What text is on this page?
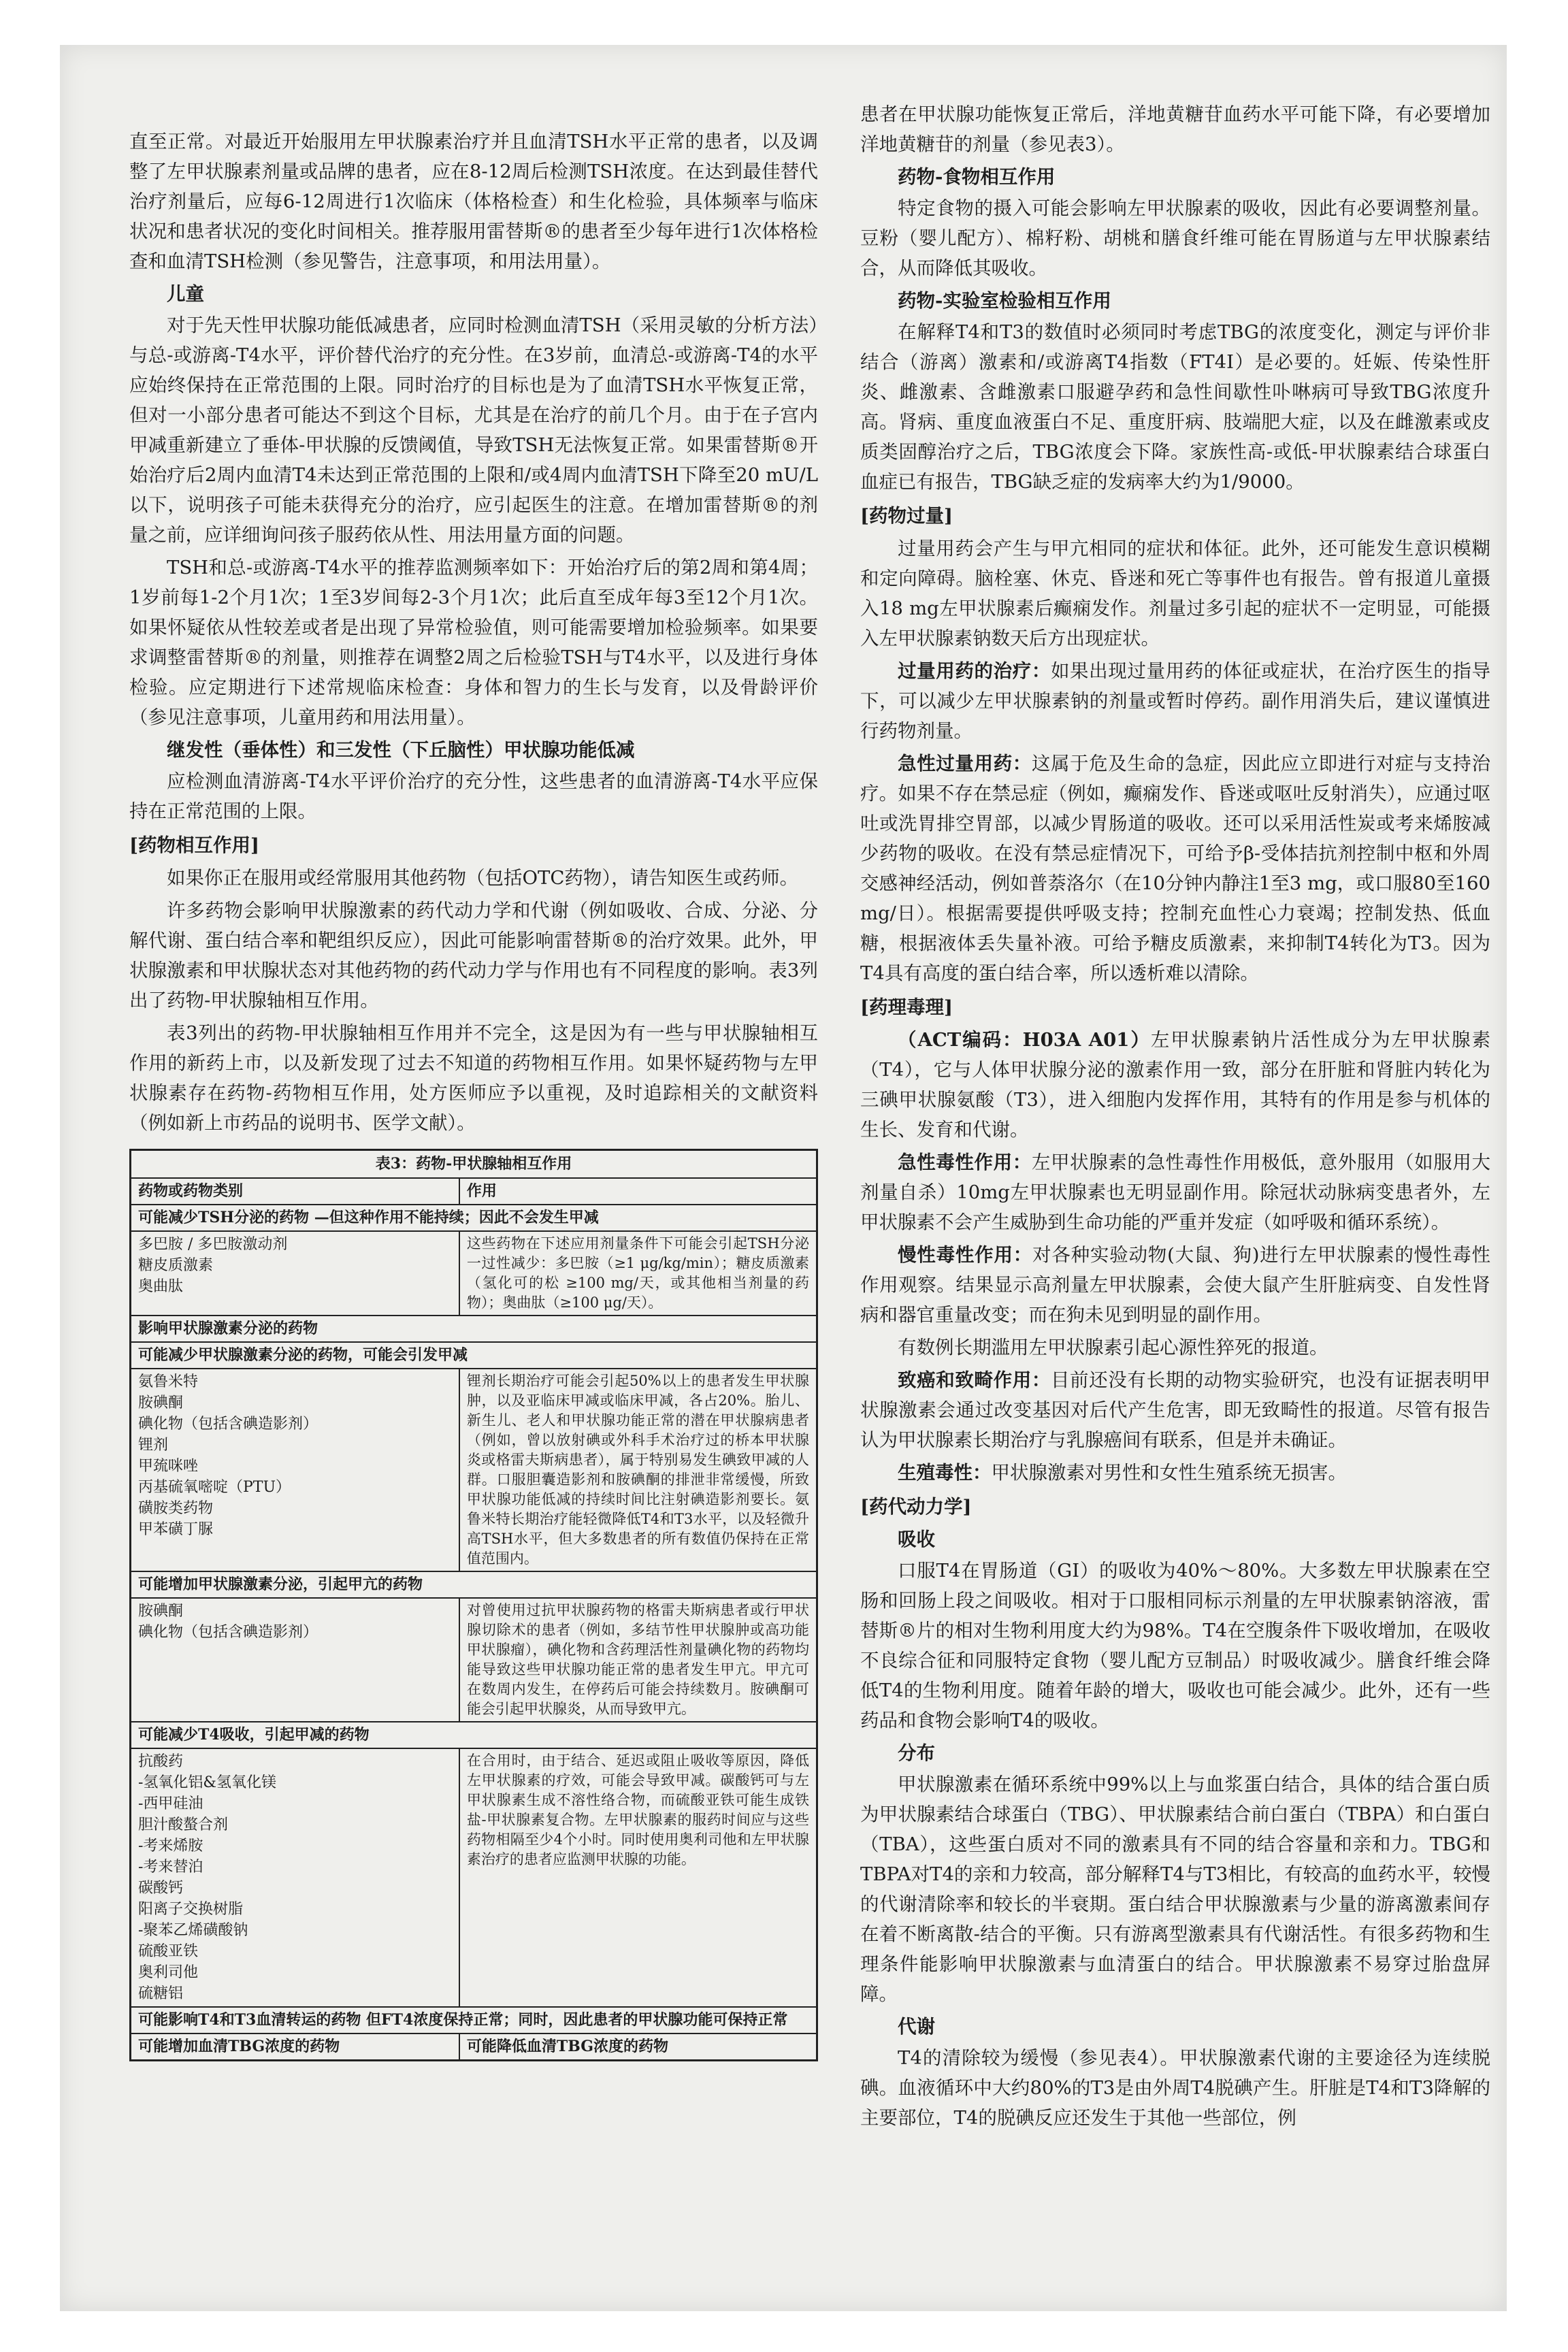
直至正常。对最近开始服用左甲状腺素治疗并且血清TSH水平正常的患者，以及调整了左甲状腺素剂量或品牌的患者，应在8-12周后检测TSH浓度。在达到最佳替代治疗剂量后，应每6-12周进行1次临床（体格检查）和生化检验，具体频率与临床状况和患者状况的变化时间相关。推荐服用雷替斯®的患者至少每年进行1次体格检查和血清TSH检测（参见警告，注意事项，和用法用量）。

儿童

对于先天性甲状腺功能低减患者，应同时检测血清TSH（采用灵敏的分析方法）与总-或游离-T4水平，评价替代治疗的充分性。在3岁前，血清总-或游离-T4的水平应始终保持在正常范围的上限。同时治疗的目标也是为了血清TSH水平恢复正常，但对一小部分患者可能达不到这个目标，尤其是在治疗的前几个月。由于在子宫内甲减重新建立了垂体-甲状腺的反馈阈值，导致TSH无法恢复正常。如果雷替斯®开始治疗后2周内血清T4未达到正常范围的上限和/或4周内血清TSH下降至20 mU/L以下，说明孩子可能未获得充分的治疗，应引起医生的注意。在增加雷替斯®的剂量之前，应详细询问孩子服药依从性、用法用量方面的问题。

TSH和总-或游离-T4水平的推荐监测频率如下：开始治疗后的第2周和第4周；1岁前每1-2个月1次；1至3岁间每2-3个月1次；此后直至成年每3至12个月1次。如果怀疑依从性较差或者是出现了异常检验值，则可能需要增加检验频率。如果要求调整雷替斯®的剂量，则推荐在调整2周之后检验TSH与T4水平，以及进行身体检验。应定期进行下述常规临床检查：身体和智力的生长与发育，以及骨龄评价（参见注意事项，儿童用药和用法用量）。

继发性（垂体性）和三发性（下丘脑性）甲状腺功能低减

应检测血清游离-T4水平评价治疗的充分性，这些患者的血清游离-T4水平应保持在正常范围的上限。

[药物相互作用]

如果你正在服用或经常服用其他药物（包括OTC药物），请告知医生或药师。

许多药物会影响甲状腺激素的药代动力学和代谢（例如吸收、合成、分泌、分解代谢、蛋白结合率和靶组织反应），因此可能影响雷替斯®的治疗效果。此外，甲状腺激素和甲状腺状态对其他药物的药代动力学与作用也有不同程度的影响。表3列出了药物-甲状腺轴相互作用。

表3列出的药物-甲状腺轴相互作用并不完全，这是因为有一些与甲状腺轴相互作用的新药上市，以及新发现了过去不知道的药物相互作用。如果怀疑药物与左甲状腺素存在药物-药物相互作用，处方医师应予以重视，及时追踪相关的文献资料（例如新上市药品的说明书、医学文献）。

表3：药物-甲状腺轴相互作用
药物或药物类别	作用
可能减少TSH分泌的药物 —但这种作用不能持续；因此不会发生甲减
多巴胺 / 多巴胺激动剂
糖皮质激素
奥曲肽
这些药物在下述应用剂量条件下可能会引起TSH分泌一过性减少：多巴胺（≥1 μg/kg/min）；糖皮质激素（氢化可的松 ≥100 mg/天，或其他相当剂量的药物）；奥曲肽（≥100 μg/天）。
影响甲状腺激素分泌的药物
可能减少甲状腺激素分泌的药物，可能会引发甲减
氨鲁米特
胺碘酮
碘化物（包括含碘造影剂）
锂剂
甲巯咪唑
丙基硫氧嘧啶（PTU）
磺胺类药物
甲苯磺丁脲
锂剂长期治疗可能会引起50%以上的患者发生甲状腺肿，以及亚临床甲减或临床甲减，各占20%。胎儿、新生儿、老人和甲状腺功能正常的潜在甲状腺病患者（例如，曾以放射碘或外科手术治疗过的桥本甲状腺炎或格雷夫斯病患者），属于特别易发生碘致甲减的人群。口服胆囊造影剂和胺碘酮的排泄非常缓慢，所致甲状腺功能低减的持续时间比注射碘造影剂要长。氨鲁米特长期治疗能轻微降低T4和T3水平，以及轻微升高TSH水平，但大多数患者的所有数值仍保持在正常值范围内。
可能增加甲状腺激素分泌，引起甲亢的药物
胺碘酮
碘化物（包括含碘造影剂）
对曾使用过抗甲状腺药物的格雷夫斯病患者或行甲状腺切除术的患者（例如，多结节性甲状腺肿或高功能甲状腺瘤），碘化物和含药理活性剂量碘化物的药物均能导致这些甲状腺功能正常的患者发生甲亢。甲亢可在数周内发生，在停药后可能会持续数月。胺碘酮可能会引起甲状腺炎，从而导致甲亢。
可能减少T4吸收，引起甲减的药物
抗酸药
-氢氧化铝&氢氧化镁
-西甲硅油
胆汁酸螯合剂
-考来烯胺
-考来替泊
碳酸钙
阳离子交换树脂
-聚苯乙烯磺酸钠
硫酸亚铁
奥利司他
硫糖铝
在合用时，由于结合、延迟或阻止吸收等原因，降低左甲状腺素的疗效，可能会导致甲减。碳酸钙可与左甲状腺素生成不溶性络合物，而硫酸亚铁可能生成铁盐-甲状腺素复合物。左甲状腺素的服药时间应与这些药物相隔至少4个小时。同时使用奥利司他和左甲状腺素治疗的患者应监测甲状腺的功能。
可能影响T4和T3血清转运的药物 但FT4浓度保持正常；同时，因此患者的甲状腺功能可保持正常
可能增加血清TBG浓度的药物	可能降低血清TBG浓度的药物

患者在甲状腺功能恢复正常后，洋地黄糖苷血药水平可能下降，有必要增加洋地黄糖苷的剂量（参见表3）。

药物-食物相互作用

特定食物的摄入可能会影响左甲状腺素的吸收，因此有必要调整剂量。豆粉（婴儿配方）、棉籽粉、胡桃和膳食纤维可能在胃肠道与左甲状腺素结合，从而降低其吸收。

药物-实验室检验相互作用

在解释T4和T3的数值时必须同时考虑TBG的浓度变化，测定与评价非结合（游离）激素和/或游离T4指数（FT4I）是必要的。妊娠、传染性肝炎、雌激素、含雌激素口服避孕药和急性间歇性卟啉病可导致TBG浓度升高。肾病、重度血液蛋白不足、重度肝病、肢端肥大症，以及在雌激素或皮质类固醇治疗之后，TBG浓度会下降。家族性高-或低-甲状腺素结合球蛋白血症已有报告，TBG缺乏症的发病率大约为1/9000。

[药物过量]

过量用药会产生与甲亢相同的症状和体征。此外，还可能发生意识模糊和定向障碍。脑栓塞、休克、昏迷和死亡等事件也有报告。曾有报道儿童摄入18 mg左甲状腺素后癫痫发作。剂量过多引起的症状不一定明显，可能摄入左甲状腺素钠数天后方出现症状。

过量用药的治疗：如果出现过量用药的体征或症状，在治疗医生的指导下，可以减少左甲状腺素钠的剂量或暂时停药。副作用消失后，建议谨慎进行药物剂量。

急性过量用药：这属于危及生命的急症，因此应立即进行对症与支持治疗。如果不存在禁忌症（例如，癫痫发作、昏迷或呕吐反射消失），应通过呕吐或洗胃排空胃部，以减少胃肠道的吸收。还可以采用活性炭或考来烯胺减少药物的吸收。在没有禁忌症情况下，可给予β-受体拮抗剂控制中枢和外周交感神经活动，例如普萘洛尔（在10分钟内静注1至3 mg，或口服80至160 mg/日）。根据需要提供呼吸支持；控制充血性心力衰竭；控制发热、低血糖，根据液体丢失量补液。可给予糖皮质激素，来抑制T4转化为T3。因为T4具有高度的蛋白结合率，所以透析难以清除。

[药理毒理]

（ACT编码：H03A A01）左甲状腺素钠片活性成分为左甲状腺素（T4），它与人体甲状腺分泌的激素作用一致，部分在肝脏和肾脏内转化为三碘甲状腺氨酸（T3），进入细胞内发挥作用，其特有的作用是参与机体的生长、发育和代谢。

急性毒性作用：左甲状腺素的急性毒性作用极低，意外服用（如服用大剂量自杀）10mg左甲状腺素也无明显副作用。除冠状动脉病变患者外，左甲状腺素不会产生威胁到生命功能的严重并发症（如呼吸和循环系统）。

慢性毒性作用：对各种实验动物(大鼠、狗)进行左甲状腺素的慢性毒性作用观察。结果显示高剂量左甲状腺素，会使大鼠产生肝脏病变、自发性肾病和器官重量改变；而在狗未见到明显的副作用。

有数例长期滥用左甲状腺素引起心源性猝死的报道。

致癌和致畸作用：目前还没有长期的动物实验研究，也没有证据表明甲状腺激素会通过改变基因对后代产生危害，即无致畸性的报道。尽管有报告认为甲状腺素长期治疗与乳腺癌间有联系，但是并未确证。

生殖毒性：甲状腺激素对男性和女性生殖系统无损害。

[药代动力学]
吸收

口服T4在胃肠道（GI）的吸收为40%～80%。大多数左甲状腺素在空肠和回肠上段之间吸收。相对于口服相同标示剂量的左甲状腺素钠溶液，雷替斯®片的相对生物利用度大约为98%。T4在空腹条件下吸收增加，在吸收不良综合征和同服特定食物（婴儿配方豆制品）时吸收减少。膳食纤维会降低T4的生物利用度。随着年龄的增大，吸收也可能会减少。此外，还有一些药品和食物会影响T4的吸收。

分布

甲状腺激素在循环系统中99%以上与血浆蛋白结合，具体的结合蛋白质为甲状腺素结合球蛋白（TBG）、甲状腺素结合前白蛋白（TBPA）和白蛋白（TBA），这些蛋白质对不同的激素具有不同的结合容量和亲和力。TBG和TBPA对T4的亲和力较高，部分解释T4与T3相比，有较高的血药水平，较慢的代谢清除率和较长的半衰期。蛋白结合甲状腺激素与少量的游离激素间存在着不断离散-结合的平衡。只有游离型激素具有代谢活性。有很多药物和生理条件能影响甲状腺激素与血清蛋白的结合。甲状腺激素不易穿过胎盘屏障。

代谢

T4的清除较为缓慢（参见表4）。甲状腺激素代谢的主要途径为连续脱碘。血液循环中大约80%的T3是由外周T4脱碘产生。肝脏是T4和T3降解的主要部位，T4的脱碘反应还发生于其他一些部位，例
